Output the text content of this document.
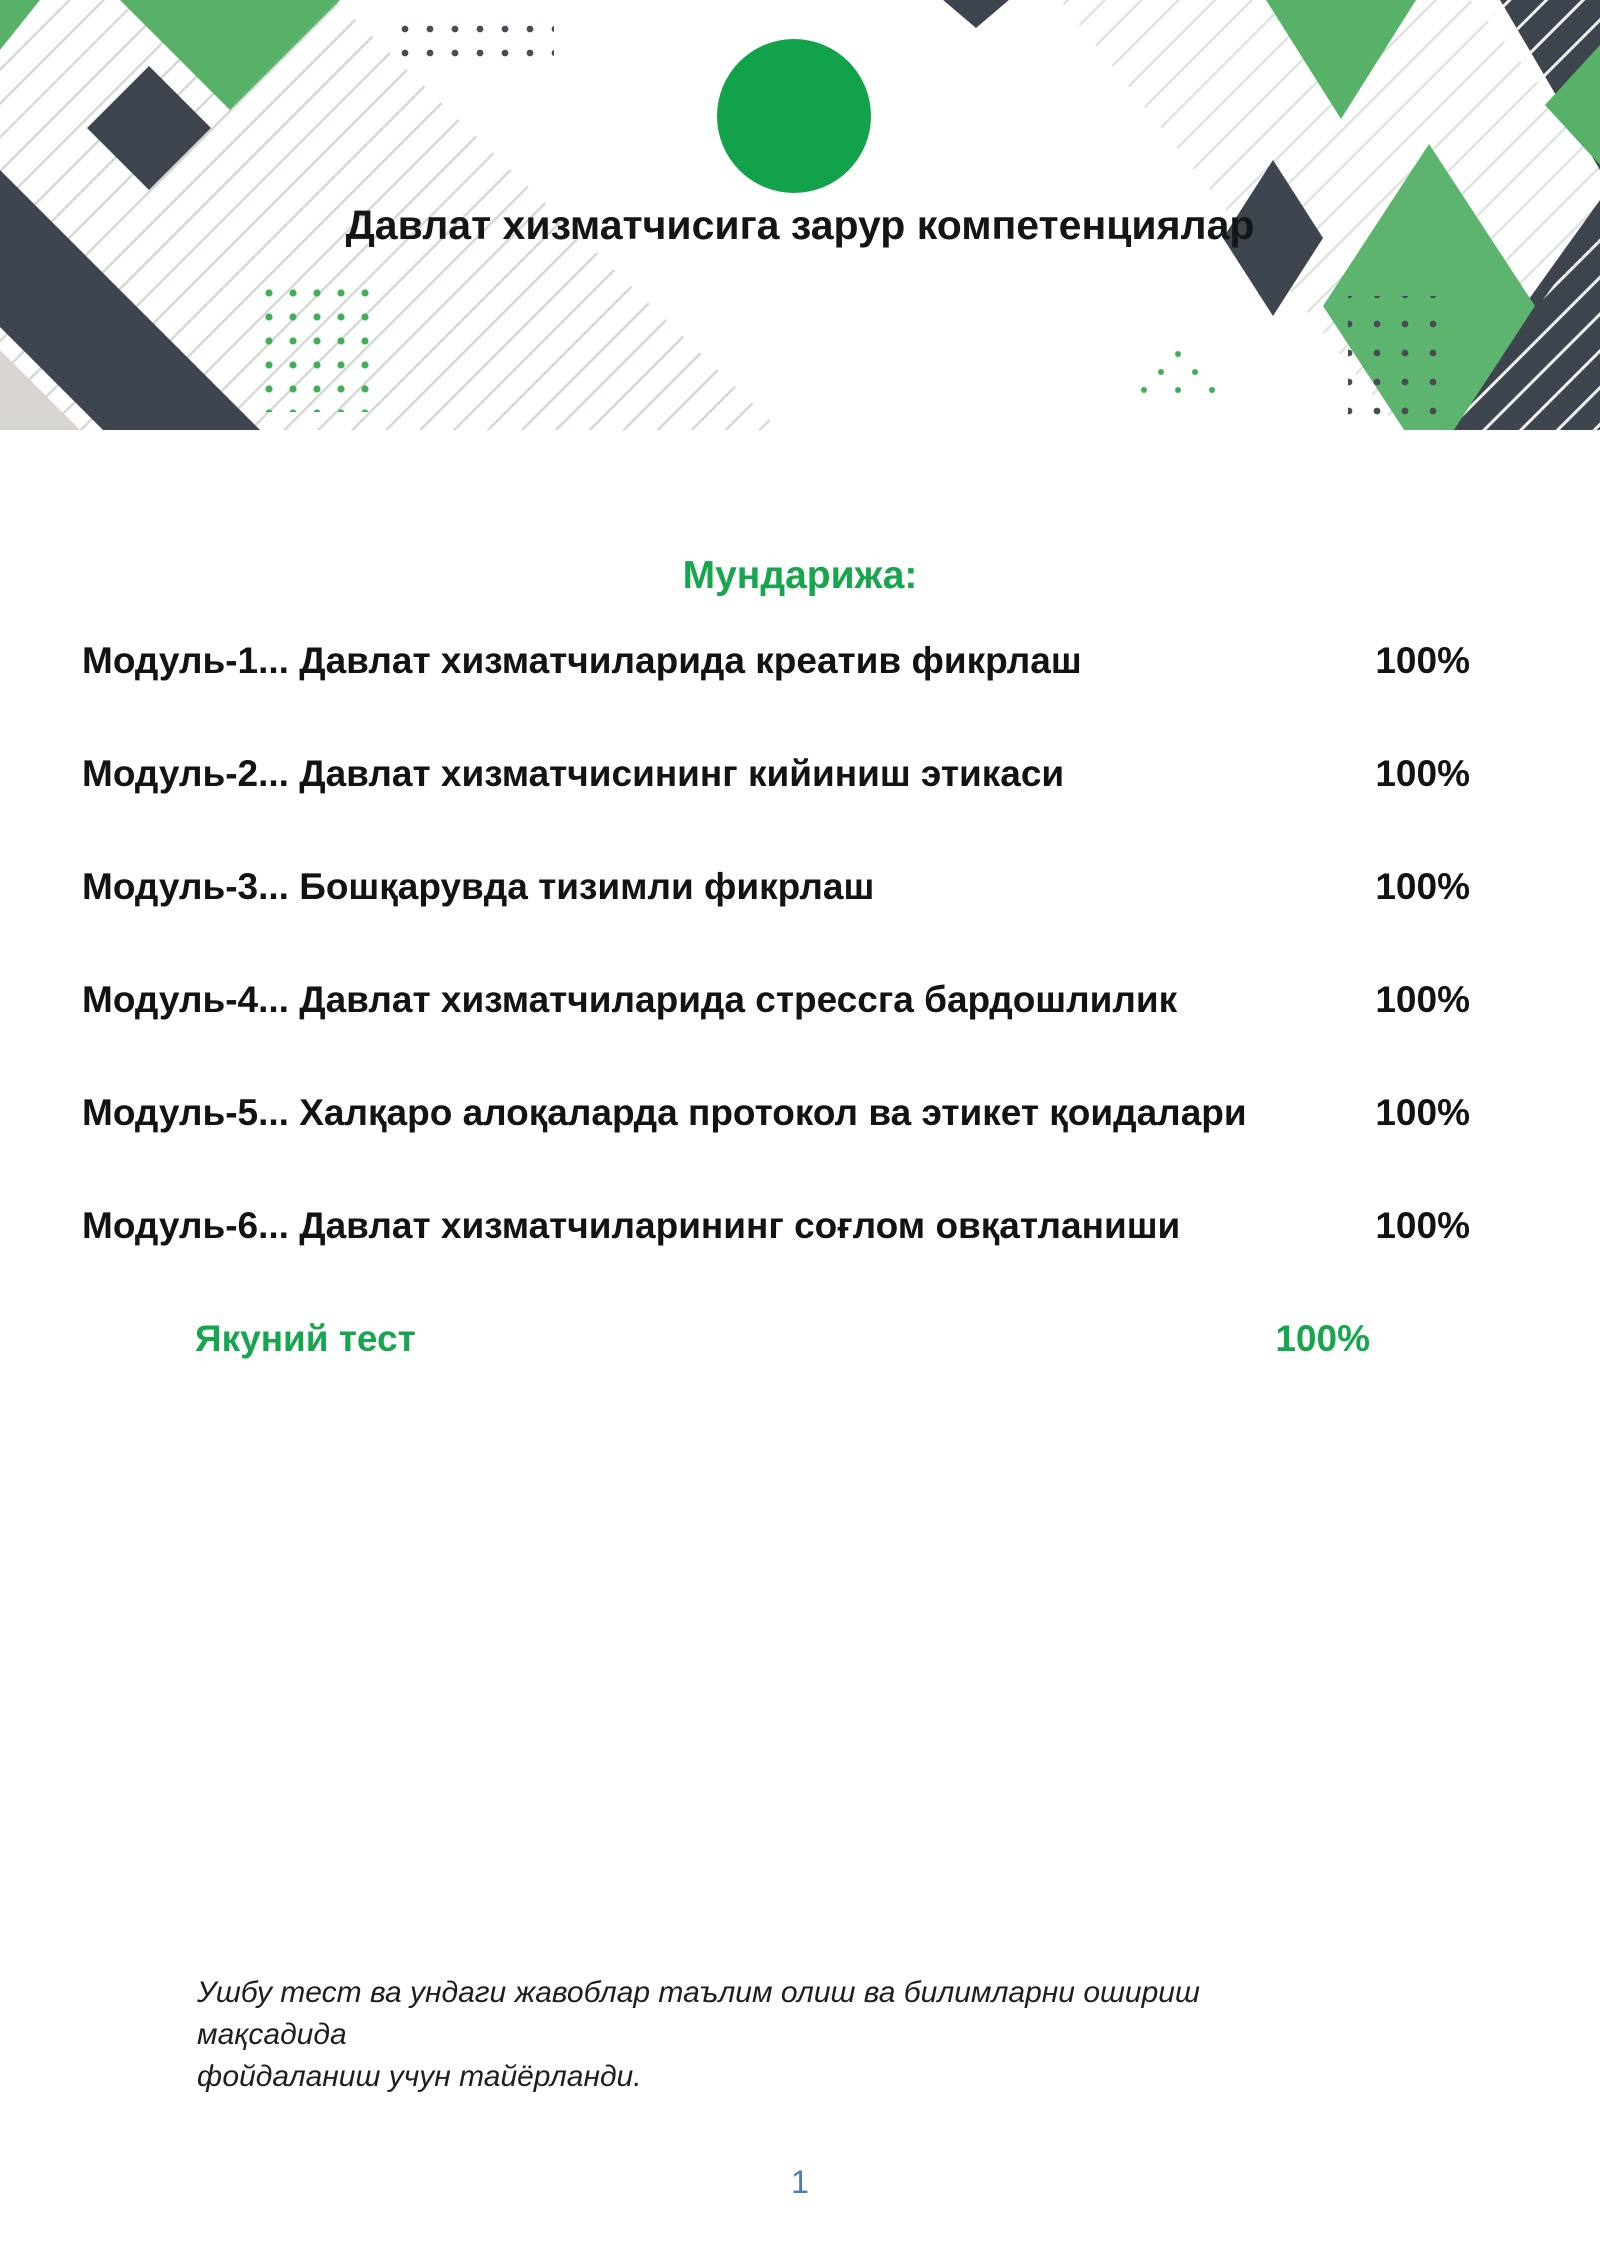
Давлат хизматчисига зарур компетенциялар
Мундарижа:
Модуль-1... Давлат хизматчиларида креатив фикрлаш	100%
Модуль-2... Давлат хизматчисининг кийиниш этикаси	100%
Модуль-3... Бошқарувда тизимли фикрлаш	100%
Модуль-4... Давлат хизматчиларида стрессга бардошлилик	100%
Модуль-5... Халқаро алоқаларда протокол ва этикет қоидалари	100%
Модуль-6... Давлат хизматчиларининг соғлом овқатланиши	100%
Якуний тест	100%
Ушбу тест ва ундаги жавоблар таълим олиш ва билимларни ошириш мақсадида
фойдаланиш учун тайёрланди.
1
